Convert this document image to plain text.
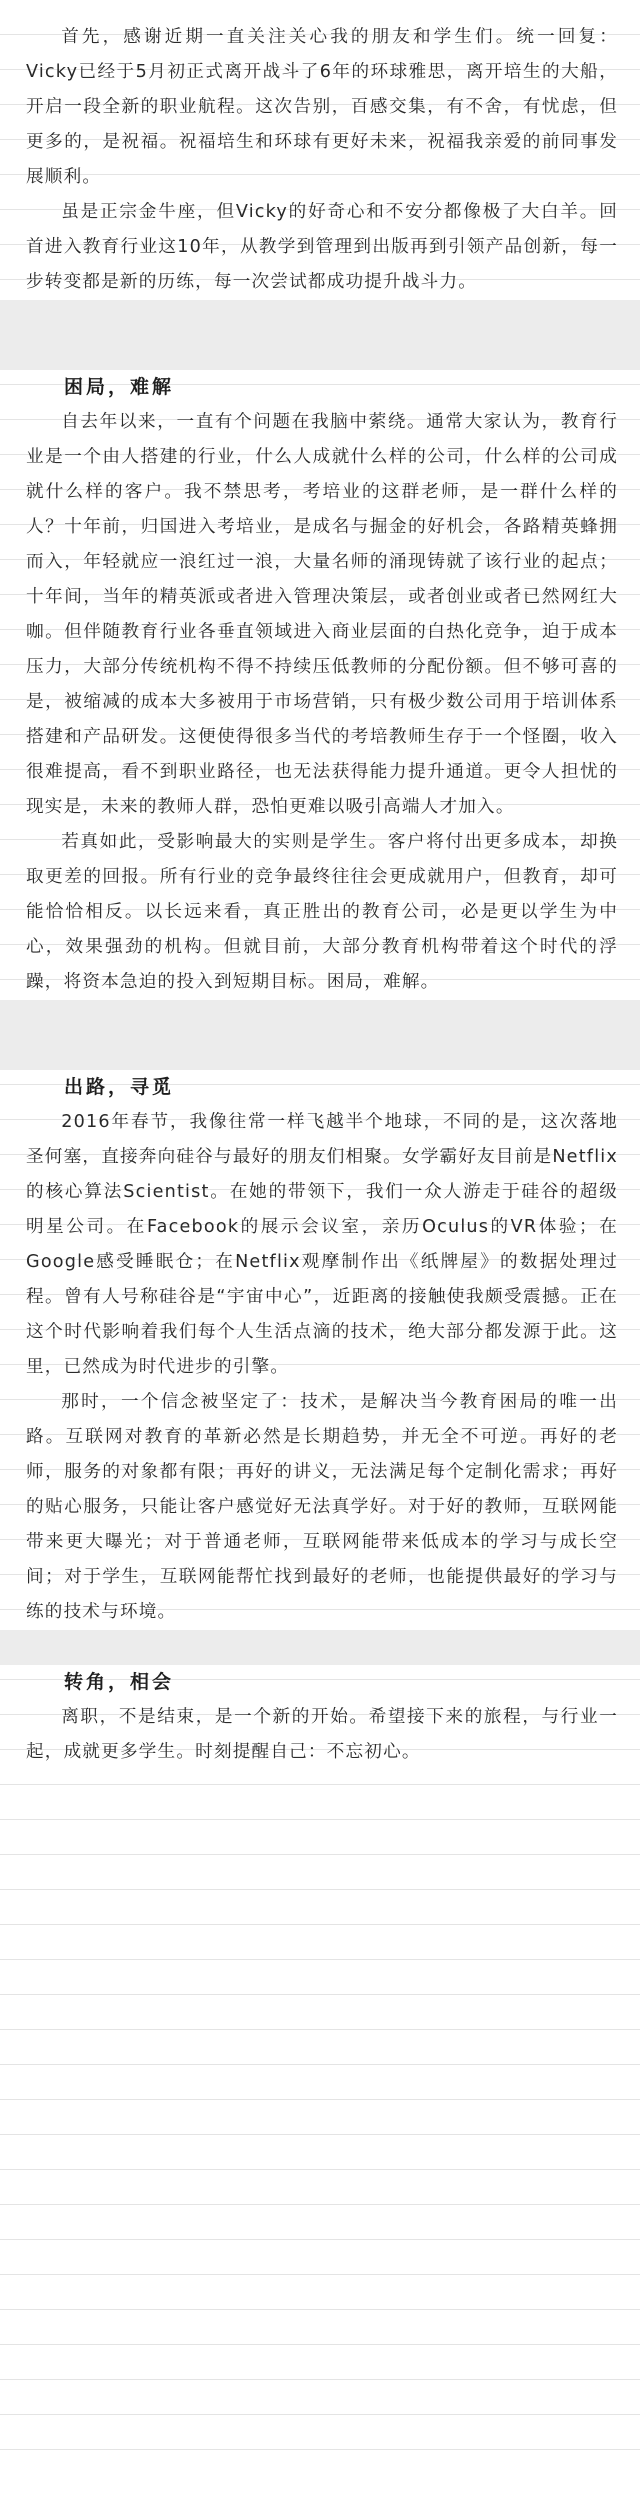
首先，感谢近期一直关注关心我的朋友和学生们。统一回复：Vicky已经于5月初正式离开战斗了6年的环球雅思，离开培生的大船，开启一段全新的职业航程。这次告别，百感交集，有不舍，有忧虑，但更多的，是祝福。祝福培生和环球有更好未来，祝福我亲爱的前同事发展顺利。

虽是正宗金牛座，但Vicky的好奇心和不安分都像极了大白羊。回首进入教育行业这10年，从教学到管理到出版再到引领产品创新，每一步转变都是新的历练，每一次尝试都成功提升战斗力。

困局，难解

自去年以来，一直有个问题在我脑中萦绕。通常大家认为，教育行业是一个由人搭建的行业，什么人成就什么样的公司，什么样的公司成就什么样的客户。我不禁思考，考培业的这群老师，是一群什么样的人？十年前，归国进入考培业，是成名与掘金的好机会，各路精英蜂拥而入，年轻就应一浪红过一浪，大量名师的涌现铸就了该行业的起点；十年间，当年的精英派或者进入管理决策层，或者创业或者已然网红大咖。但伴随教育行业各垂直领域进入商业层面的白热化竞争，迫于成本压力，大部分传统机构不得不持续压低教师的分配份额。但不够可喜的是，被缩减的成本大多被用于市场营销，只有极少数公司用于培训体系搭建和产品研发。这便使得很多当代的考培教师生存于一个怪圈，收入很难提高，看不到职业路径，也无法获得能力提升通道。更令人担忧的现实是，未来的教师人群，恐怕更难以吸引高端人才加入。

若真如此，受影响最大的实则是学生。客户将付出更多成本，却换取更差的回报。所有行业的竞争最终往往会更成就用户，但教育，却可能恰恰相反。以长远来看，真正胜出的教育公司，必是更以学生为中心，效果强劲的机构。但就目前，大部分教育机构带着这个时代的浮躁，将资本急迫的投入到短期目标。困局，难解。

出路，寻觅

2016年春节，我像往常一样飞越半个地球，不同的是，这次落地圣何塞，直接奔向硅谷与最好的朋友们相聚。女学霸好友目前是Netflix的核心算法Scientist。在她的带领下，我们一众人游走于硅谷的超级明星公司。在Facebook的展示会议室，亲历Oculus的VR体验；在Google感受睡眠仓；在Netflix观摩制作出《纸牌屋》的数据处理过程。曾有人号称硅谷是“宇宙中心”，近距离的接触使我颇受震撼。正在这个时代影响着我们每个人生活点滴的技术，绝大部分都发源于此。这里，已然成为时代进步的引擎。

那时，一个信念被坚定了：技术，是解决当今教育困局的唯一出路。互联网对教育的革新必然是长期趋势，并无全不可逆。再好的老师，服务的对象都有限；再好的讲义，无法满足每个定制化需求；再好的贴心服务，只能让客户感觉好无法真学好。对于好的教师，互联网能带来更大曝光；对于普通老师，互联网能带来低成本的学习与成长空间；对于学生，互联网能帮忙找到最好的老师，也能提供最好的学习与练的技术与环境。

转角，相会

离职，不是结束，是一个新的开始。希望接下来的旅程，与行业一起，成就更多学生。时刻提醒自己：不忘初心。
